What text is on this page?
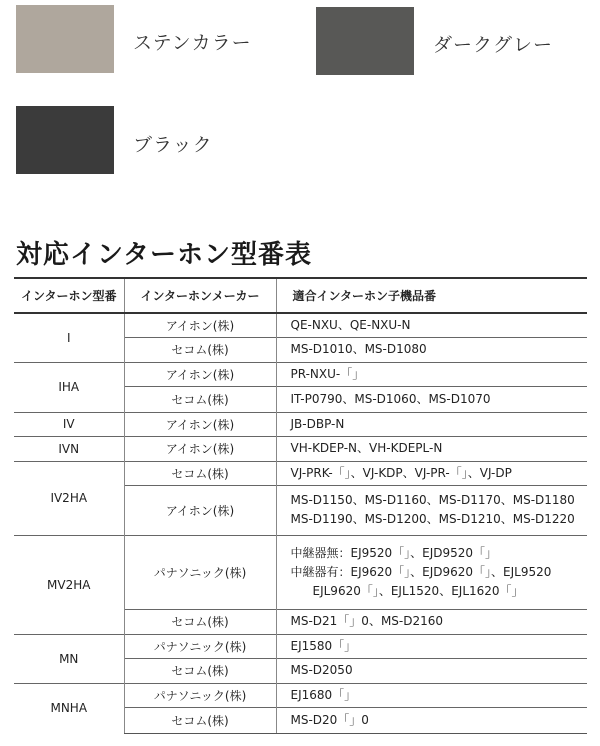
ステンカラー	ダークグレー
ブラック
対応インターホン型番表
インターホン型番	インターホンメーカー	適合インターホン子機品番
I	アイホン(株)	QE-NXU、QE-NXU-N

	セコム(株)	MS-D1010、MS-D1080

IHA	アイホン(株)	PR-NXU-「」

	セコム(株)	IT-P0790、MS-D1060、MS-D1070

IV	アイホン(株)	JB-DBP-N

IVN	アイホン(株)	VH-KDEP-N、VH-KDEPL-N

IV2HA	セコム(株)	VJ-PRK-「」、VJ-KDP、VJ-PR-「」、VJ-DP

	アイホン(株)	MS-D1150、MS-D1160、MS-D1170、MS-D1180
MS-D1190、MS-D1200、MS-D1210、MS-D1220

MV2HA	パナソニック(株)	中継器無：EJ9520「」、EJD9520「」
中継器有：EJ9620「」、EJD9620「」、EJL9520
EJL9620「」、EJL1520、EJL1620「」

	セコム(株)	MS-D21「」0、MS-D2160

MN	パナソニック(株)	EJ1580「」

	セコム(株)	MS-D2050

MNHA	パナソニック(株)	EJ1680「」

	セコム(株)	MS-D20「」0
